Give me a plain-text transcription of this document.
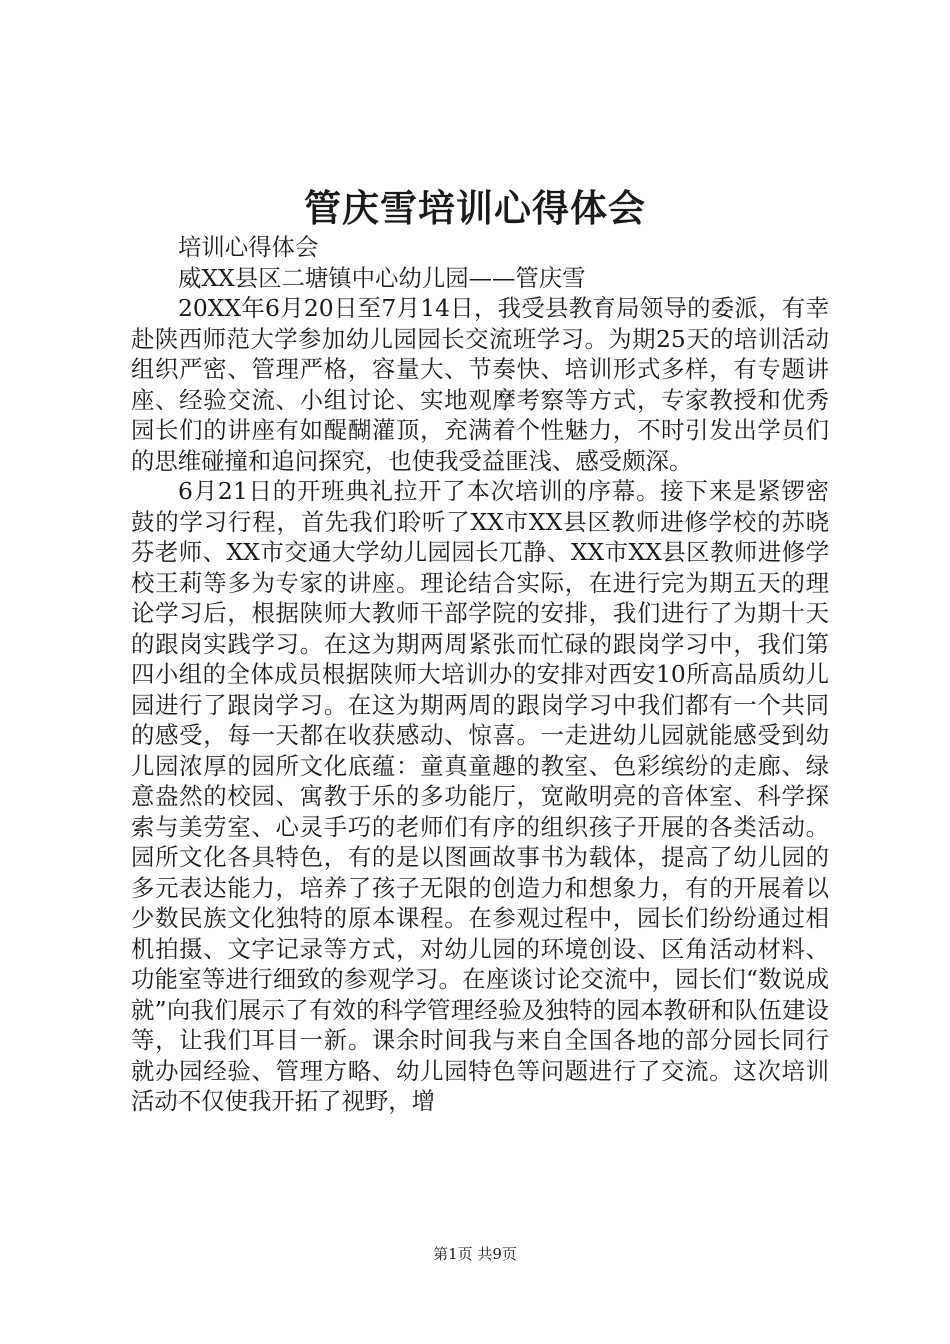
管庆雪培训心得体会

培训心得体会

威XX县区二塘镇中心幼儿园——管庆雪

20XX年6月20日至7月14日，我受县教育局领导的委派，有幸赴陕西师范大学参加幼儿园园长交流班学习。为期25天的培训活动组织严密、管理严格，容量大、节奏快、培训形式多样，有专题讲座、经验交流、小组讨论、实地观摩考察等方式，专家教授和优秀园长们的讲座有如醍醐灌顶，充满着个性魅力，不时引发出学员们的思维碰撞和追问探究，也使我受益匪浅、感受颇深。

6月21日的开班典礼拉开了本次培训的序幕。接下来是紧锣密鼓的学习行程，首先我们聆听了XX市XX县区教师进修学校的苏晓芬老师、XX市交通大学幼儿园园长兀静、XX市XX县区教师进修学校王莉等多为专家的讲座。理论结合实际，在进行完为期五天的理论学习后，根据陕师大教师干部学院的安排，我们进行了为期十天的跟岗实践学习。在这为期两周紧张而忙碌的跟岗学习中，我们第四小组的全体成员根据陕师大培训办的安排对西安10所高品质幼儿园进行了跟岗学习。在这为期两周的跟岗学习中我们都有一个共同的感受，每一天都在收获感动、惊喜。一走进幼儿园就能感受到幼儿园浓厚的园所文化底蕴：童真童趣的教室、色彩缤纷的走廊、绿意盎然的校园、寓教于乐的多功能厅，宽敞明亮的音体室、科学探索与美劳室、心灵手巧的老师们有序的组织孩子开展的各类活动。园所文化各具特色，有的是以图画故事书为载体，提高了幼儿园的多元表达能力，培养了孩子无限的创造力和想象力，有的开展着以少数民族文化独特的原本课程。在参观过程中，园长们纷纷通过相机拍摄、文字记录等方式，对幼儿园的环境创设、区角活动材料、功能室等进行细致的参观学习。在座谈讨论交流中，园长们“数说成就”向我们展示了有效的科学管理经验及独特的园本教研和队伍建设等，让我们耳目一新。课余时间我与来自全国各地的部分园长同行就办园经验、管理方略、幼儿园特色等问题进行了交流。这次培训活动不仅使我开拓了视野，增

第1页 共9页
